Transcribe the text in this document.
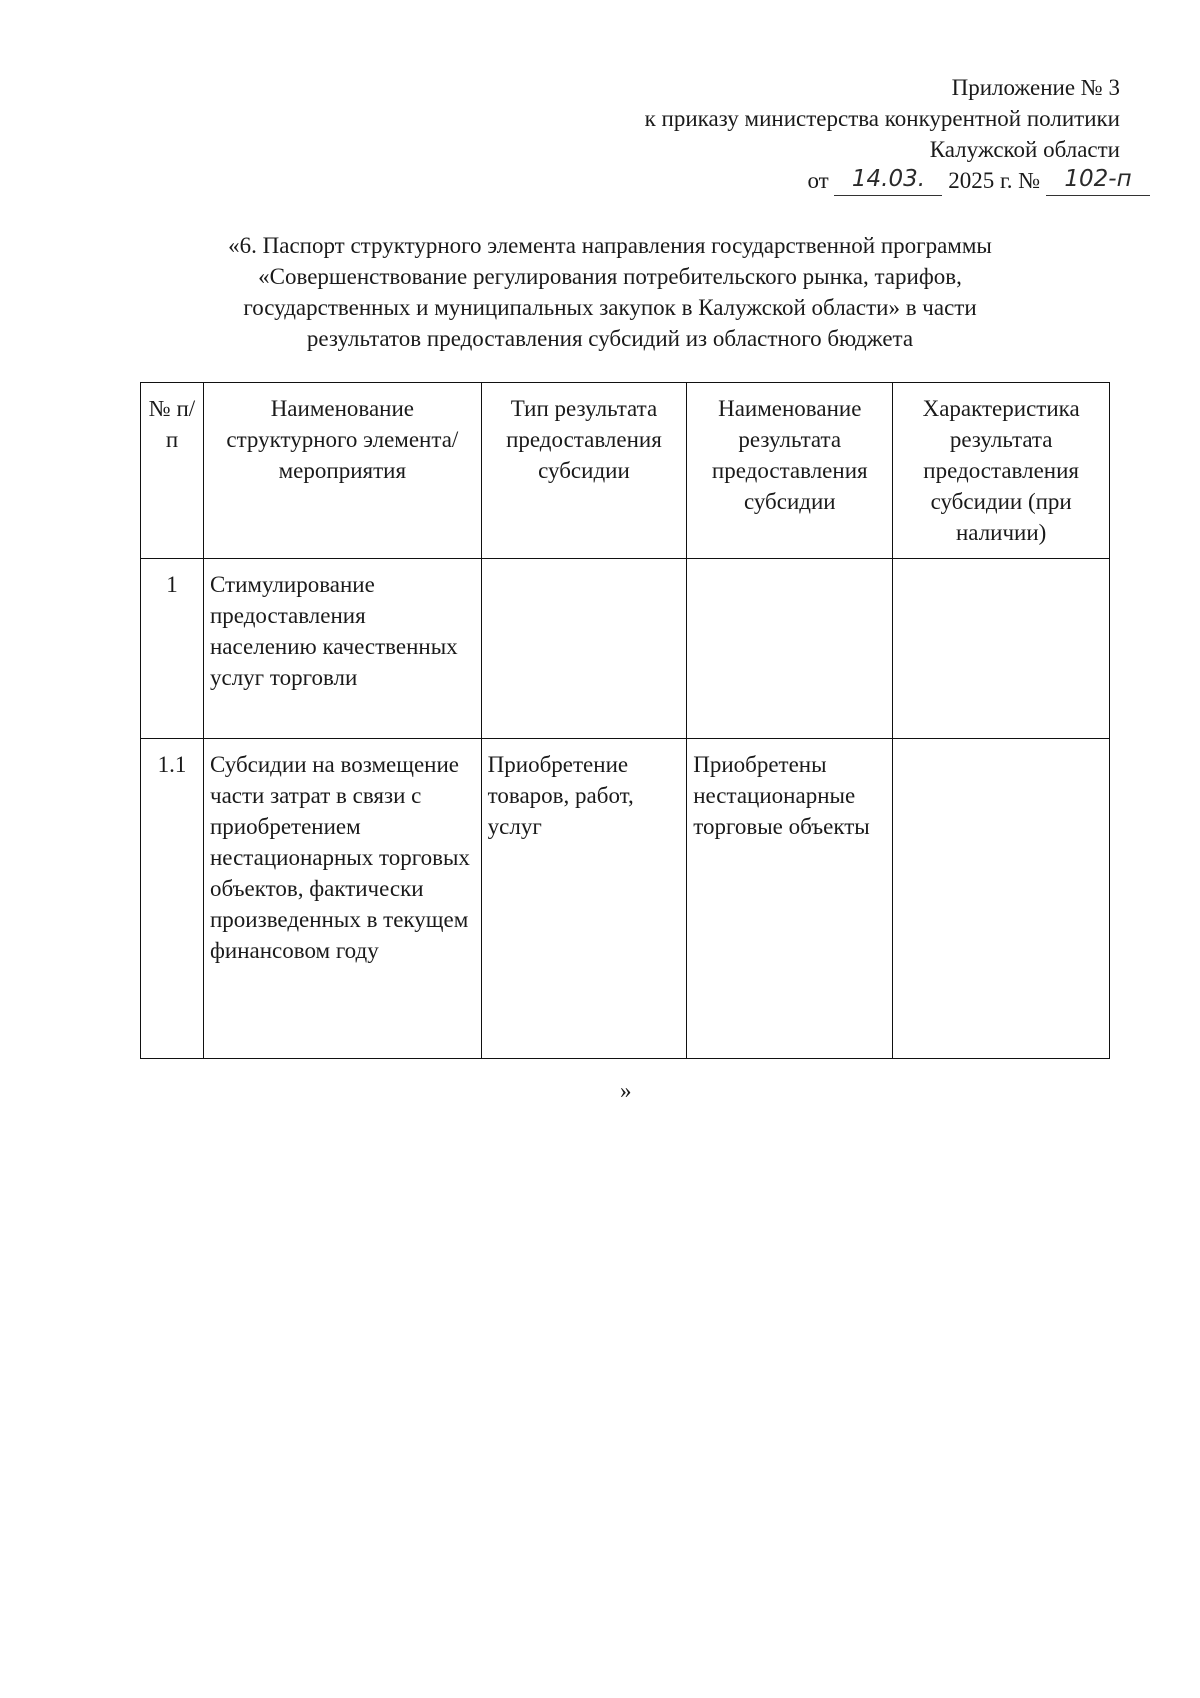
Приложение № 3
к приказу министерства конкурентной политики
Калужской области
от 14.03. 2025 г. № 102-п
«6. Паспорт структурного элемента направления государственной программы
«Совершенствование регулирования потребительского рынка, тарифов,
государственных и муниципальных закупок в Калужской области» в части
результатов предоставления субсидий из областного бюджета
№ п/п	Наименование структурного элемента/мероприятия	Тип результата предоставления субсидии	Наименование результата предоставления субсидии	Характеристика результата предоставления субсидии (при наличии)
1	Стимулирование предоставления населению качественных услуг торговли			
1.1	Субсидии на возмещение части затрат в связи с приобретением нестационарных торговых объектов, фактически произведенных в текущем финансовом году	Приобретение товаров, работ, услуг	Приобретены нестационарные торговые объекты	
»
